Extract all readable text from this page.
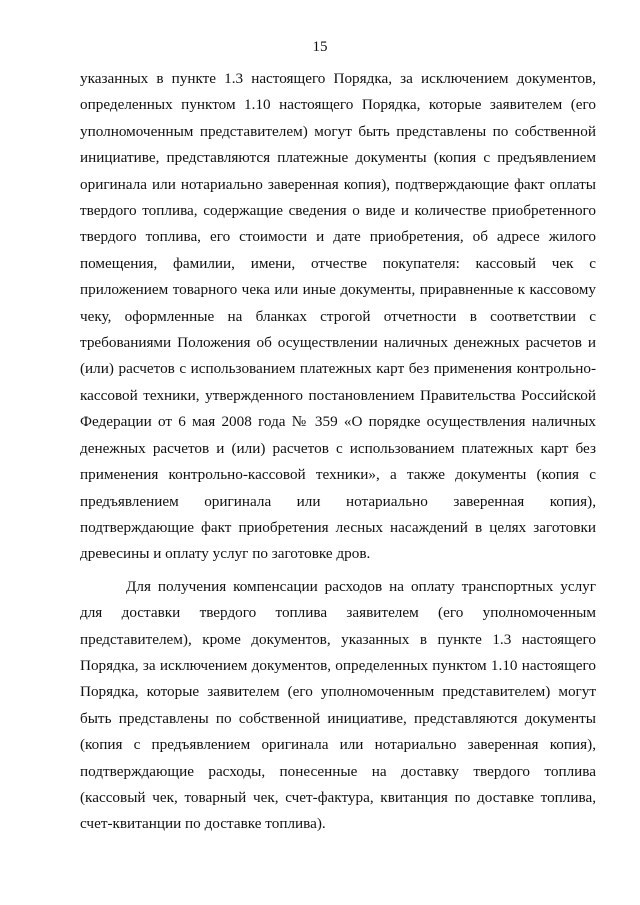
15

указанных в пункте 1.3 настоящего Порядка, за исключением документов, определенных пунктом 1.10 настоящего Порядка, которые заявителем (его уполномоченным представителем) могут быть представлены по собственной инициативе, представляются платежные документы (копия с предъявлением оригинала или нотариально заверенная копия), подтверждающие факт оплаты твердого топлива, содержащие сведения о виде и количестве приобретенного твердого топлива, его стоимости и дате приобретения, об адресе жилого помещения, фамилии, имени, отчестве покупателя: кассовый чек с приложением товарного чека или иные документы, приравненные к кассовому чеку, оформленные на бланках строгой отчетности в соответствии с требованиями Положения об осуществлении наличных денежных расчетов и (или) расчетов с использованием платежных карт без применения контрольно-кассовой техники, утвержденного постановлением Правительства Российской Федерации от 6 мая 2008 года № 359 «О порядке осуществления наличных денежных расчетов и (или) расчетов с использованием платежных карт без применения контрольно-кассовой техники», а также документы (копия с предъявлением оригинала или нотариально заверенная копия), подтверждающие факт приобретения лесных насаждений в целях заготовки древесины и оплату услуг по заготовке дров.

Для получения компенсации расходов на оплату транспортных услуг для доставки твердого топлива заявителем (его уполномоченным представителем), кроме документов, указанных в пункте 1.3 настоящего Порядка, за исключением документов, определенных пунктом 1.10 настоящего Порядка, которые заявителем (его уполномоченным представителем) могут быть представлены по собственной инициативе, представляются документы (копия с предъявлением оригинала или нотариально заверенная копия), подтверждающие расходы, понесенные на доставку твердого топлива (кассовый чек, товарный чек, счет-фактура, квитанция по доставке топлива, счет-квитанции по доставке топлива).
